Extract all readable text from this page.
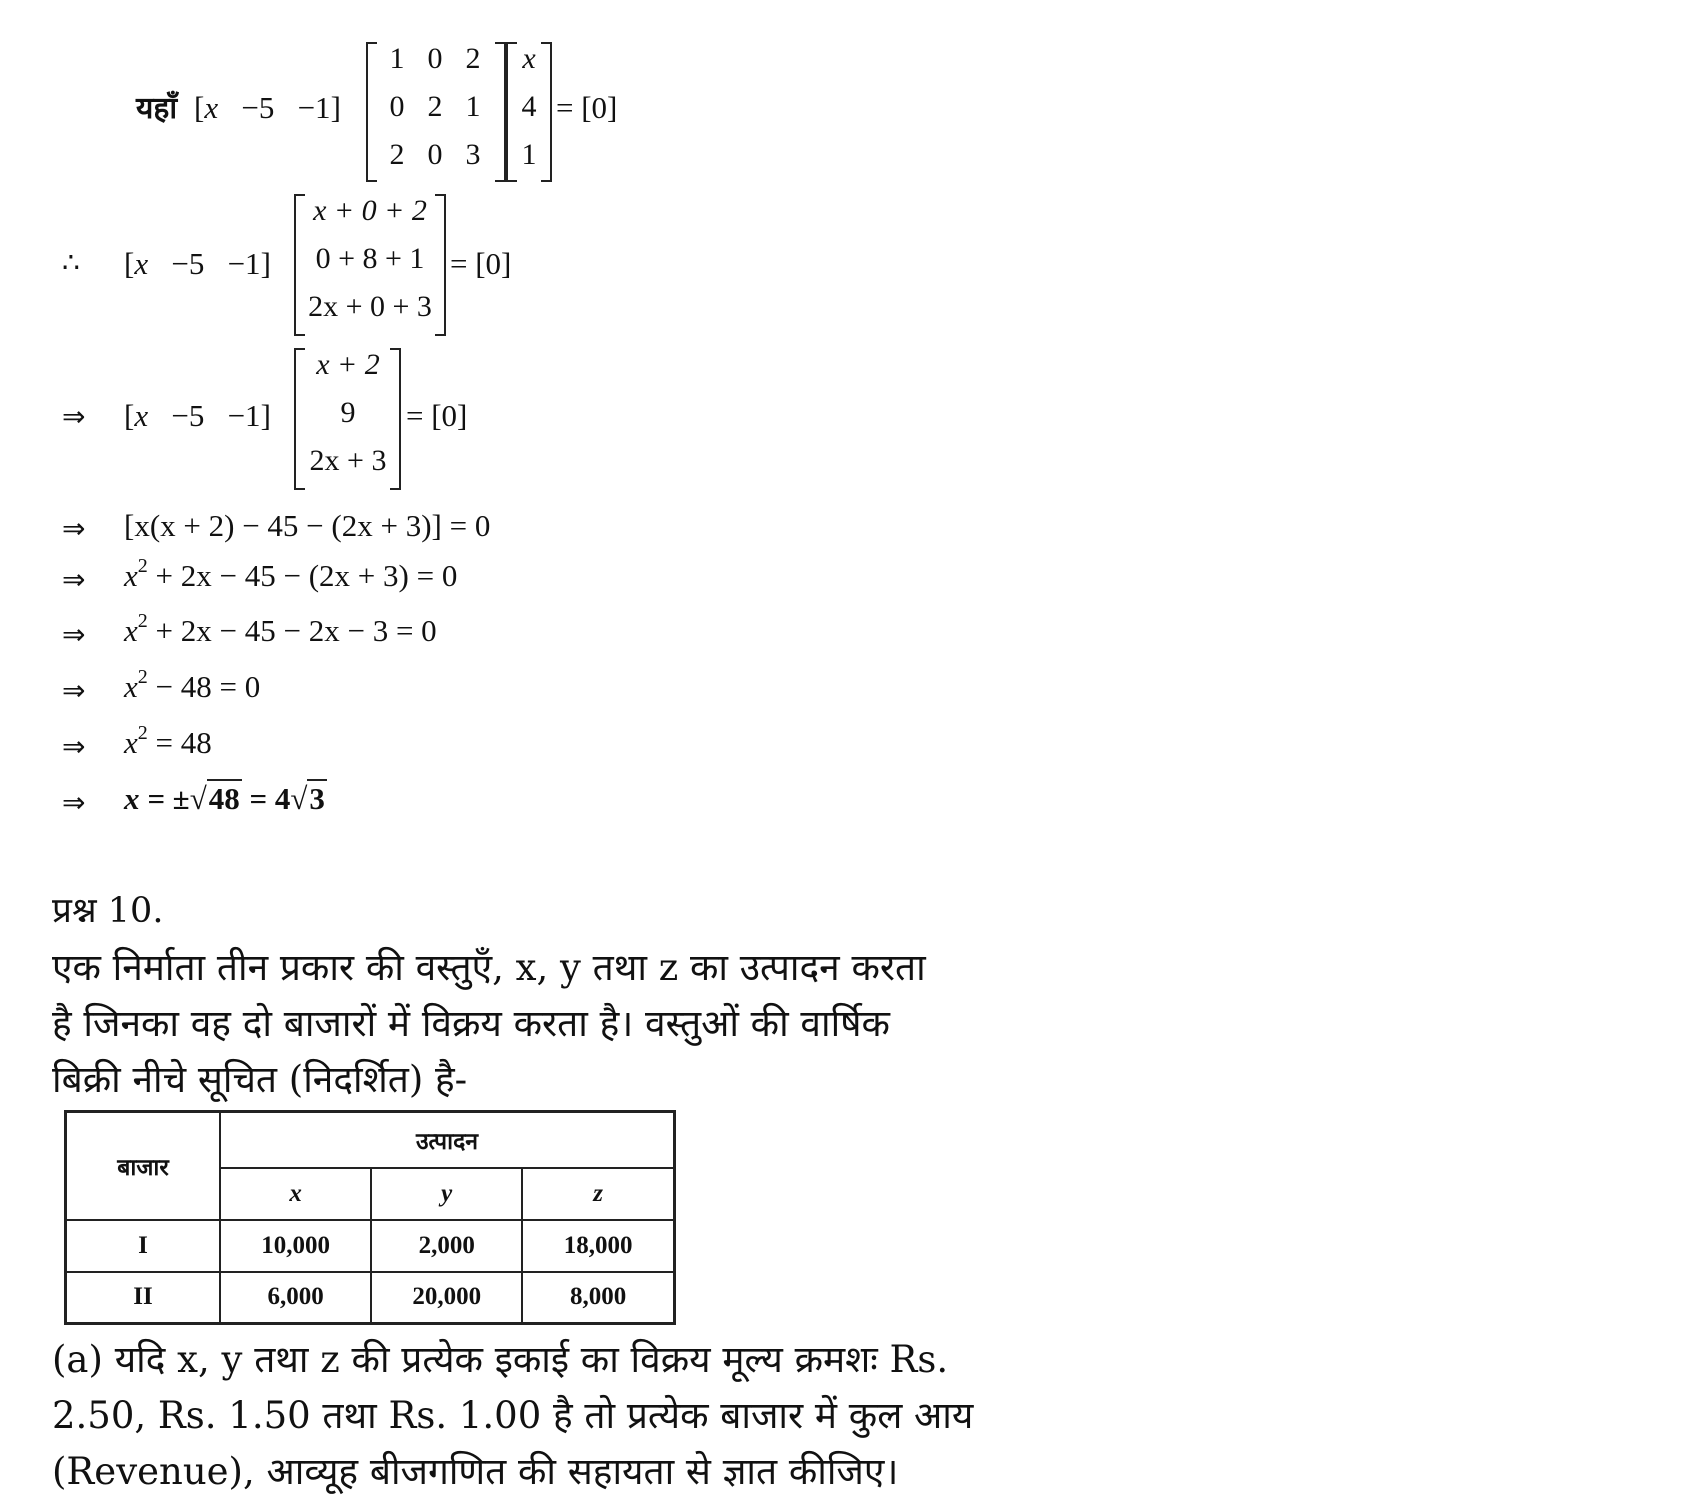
यहाँ [x −5 −1]
1 0 2
0 2 1
2 0 3
x
4
1
= [0]
∴ [x −5 −1]
x + 0 + 2
0 + 8 + 1
2x + 0 + 3
= [0]
⇒ [x −5 −1]
x + 2
9
2x + 3
= [0]
⇒ [x(x + 2) − 45 − (2x + 3)] = 0
⇒ $x^2 + 2x - 45 - (2x + 3) = 0$
⇒ $x^2 + 2x - 45 - 2x - 3 = 0$
⇒ $x^2 - 48 = 0$
⇒ $x^2 = 48$
⇒ x = ±√48 = 4√3
प्रश्न 10.
एक निर्माता तीन प्रकार की वस्तुएँ, x, y तथा z का उत्पादन करता
है जिनका वह दो बाजारों में विक्रय करता है। वस्तुओं की वार्षिक
बिक्री नीचे सूचित (निदर्शित) है-
बाजार	उत्पादन		
	x	y	z
I	10,000	2,000	18,000
II	6,000	20,000	8,000
(a) यदि x, y तथा z की प्रत्येक इकाई का विक्रय मूल्य क्रमशः Rs.
2.50, Rs. 1.50 तथा Rs. 1.00 है तो प्रत्येक बाजार में कुल आय
(Revenue), आव्यूह बीजगणित की सहायता से ज्ञात कीजिए।
